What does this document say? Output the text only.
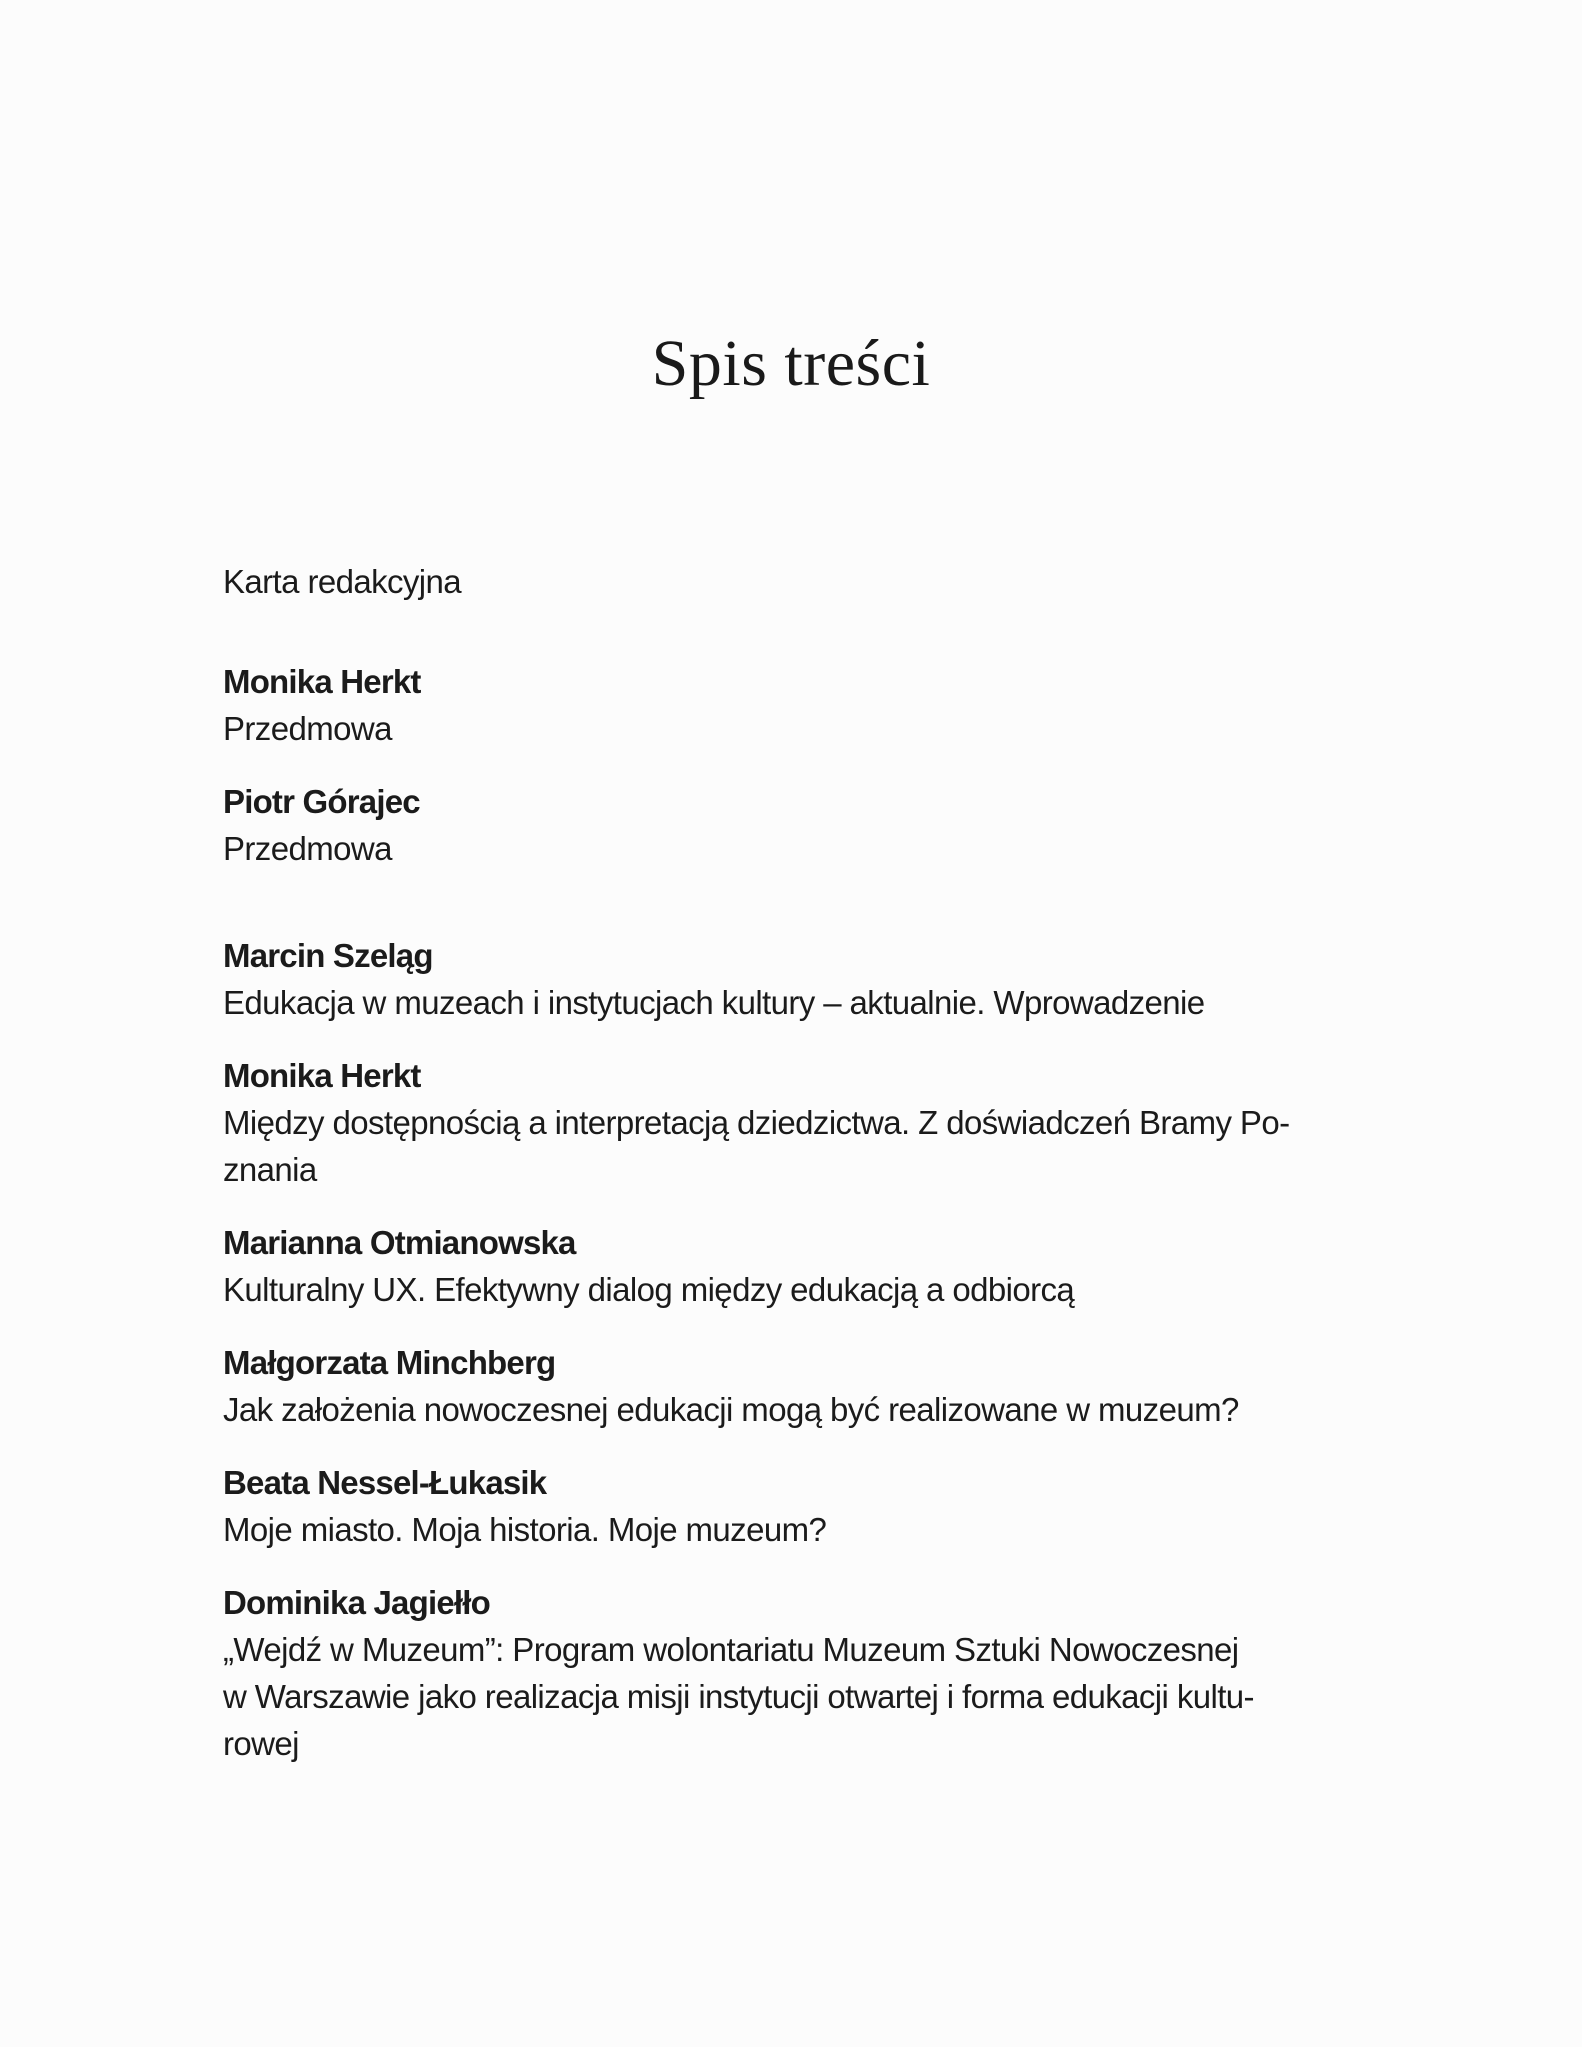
Spis treści
Karta redakcyjna
Monika Herkt
Przedmowa
Piotr Górajec
Przedmowa
Marcin Szeląg
Edukacja w muzeach i instytucjach kultury – aktualnie. Wprowadzenie
Monika Herkt
Między dostępnością a interpretacją dziedzictwa. Z doświadczeń Bramy Po-
znania
Marianna Otmianowska
Kulturalny UX. Efektywny dialog między edukacją a odbiorcą
Małgorzata Minchberg
Jak założenia nowoczesnej edukacji mogą być realizowane w muzeum?
Beata Nessel-Łukasik
Moje miasto. Moja historia. Moje muzeum?
Dominika Jagiełło
„Wejdź w Muzeum”: Program wolontariatu Muzeum Sztuki Nowoczesnej
w Warszawie jako realizacja misji instytucji otwartej i forma edukacji kultu-
rowej
